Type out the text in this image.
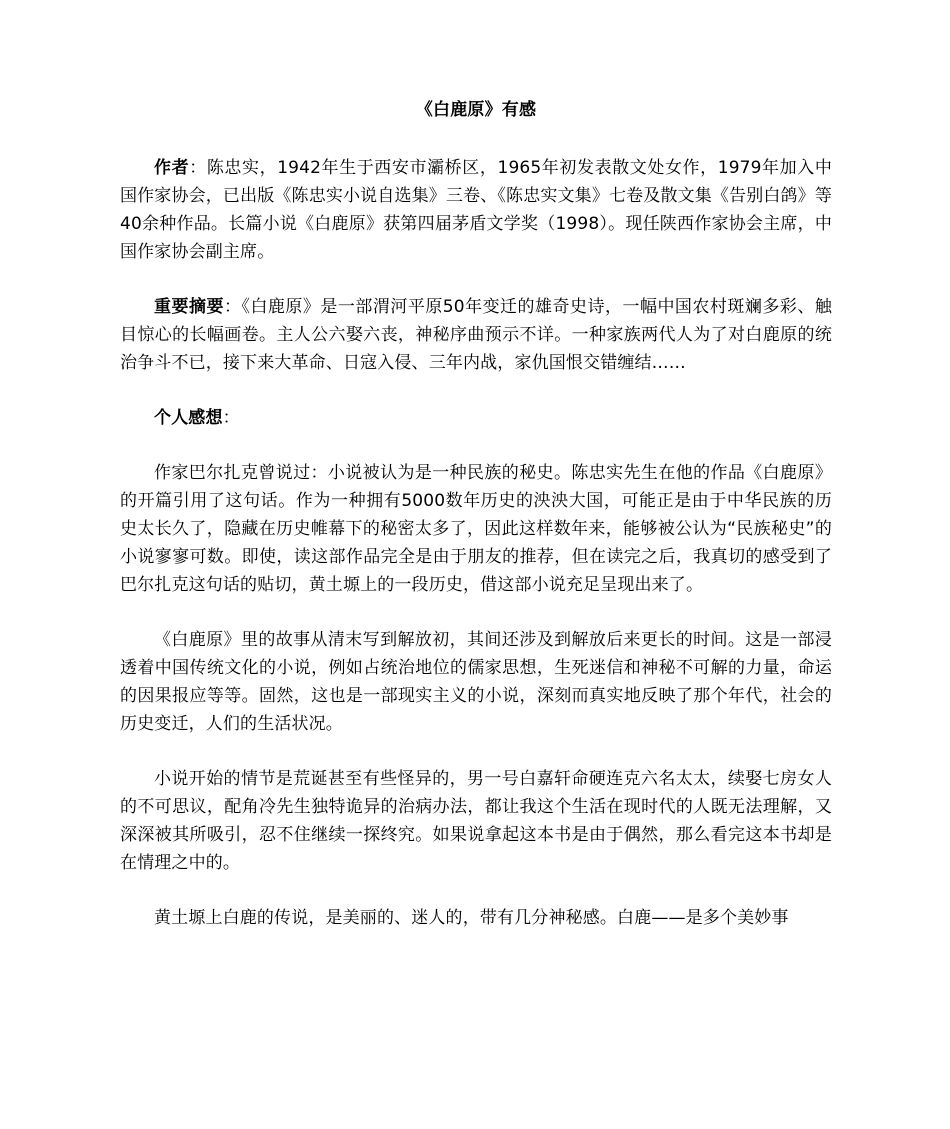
《白鹿原》有感

作者：陈忠实，1942年生于西安市灞桥区，1965年初发表散文处女作，1979年加入中国作家协会，已出版《陈忠实小说自选集》三卷、《陈忠实文集》七卷及散文集《告别白鸽》等40余种作品。长篇小说《白鹿原》获第四届茅盾文学奖（1998）。现任陕西作家协会主席，中国作家协会副主席。

重要摘要：《白鹿原》是一部渭河平原50年变迁的雄奇史诗，一幅中国农村斑斓多彩、触目惊心的长幅画卷。主人公六娶六丧，神秘序曲预示不详。一种家族两代人为了对白鹿原的统治争斗不已，接下来大革命、日寇入侵、三年内战，家仇国恨交错缠结……

个人感想：

作家巴尔扎克曾说过：小说被认为是一种民族的秘史。陈忠实先生在他的作品《白鹿原》的开篇引用了这句话。作为一种拥有5000数年历史的泱泱大国，可能正是由于中华民族的历史太长久了，隐藏在历史帷幕下的秘密太多了，因此这样数年来，能够被公认为“民族秘史”的小说寥寥可数。即使，读这部作品完全是由于朋友的推荐，但在读完之后，我真切的感受到了巴尔扎克这句话的贴切，黄土塬上的一段历史，借这部小说充足呈现出来了。

《白鹿原》里的故事从清末写到解放初，其间还涉及到解放后来更长的时间。这是一部浸透着中国传统文化的小说，例如占统治地位的儒家思想，生死迷信和神秘不可解的力量，命运的因果报应等等。固然，这也是一部现实主义的小说，深刻而真实地反映了那个年代，社会的历史变迁，人们的生活状况。

小说开始的情节是荒诞甚至有些怪异的，男一号白嘉轩命硬连克六名太太，续娶七房女人的不可思议，配角冷先生独特诡异的治病办法，都让我这个生活在现时代的人既无法理解，又深深被其所吸引，忍不住继续一探终究。如果说拿起这本书是由于偶然，那么看完这本书却是在情理之中的。

黄土塬上白鹿的传说，是美丽的、迷人的，带有几分神秘感。白鹿——是多个美妙事
